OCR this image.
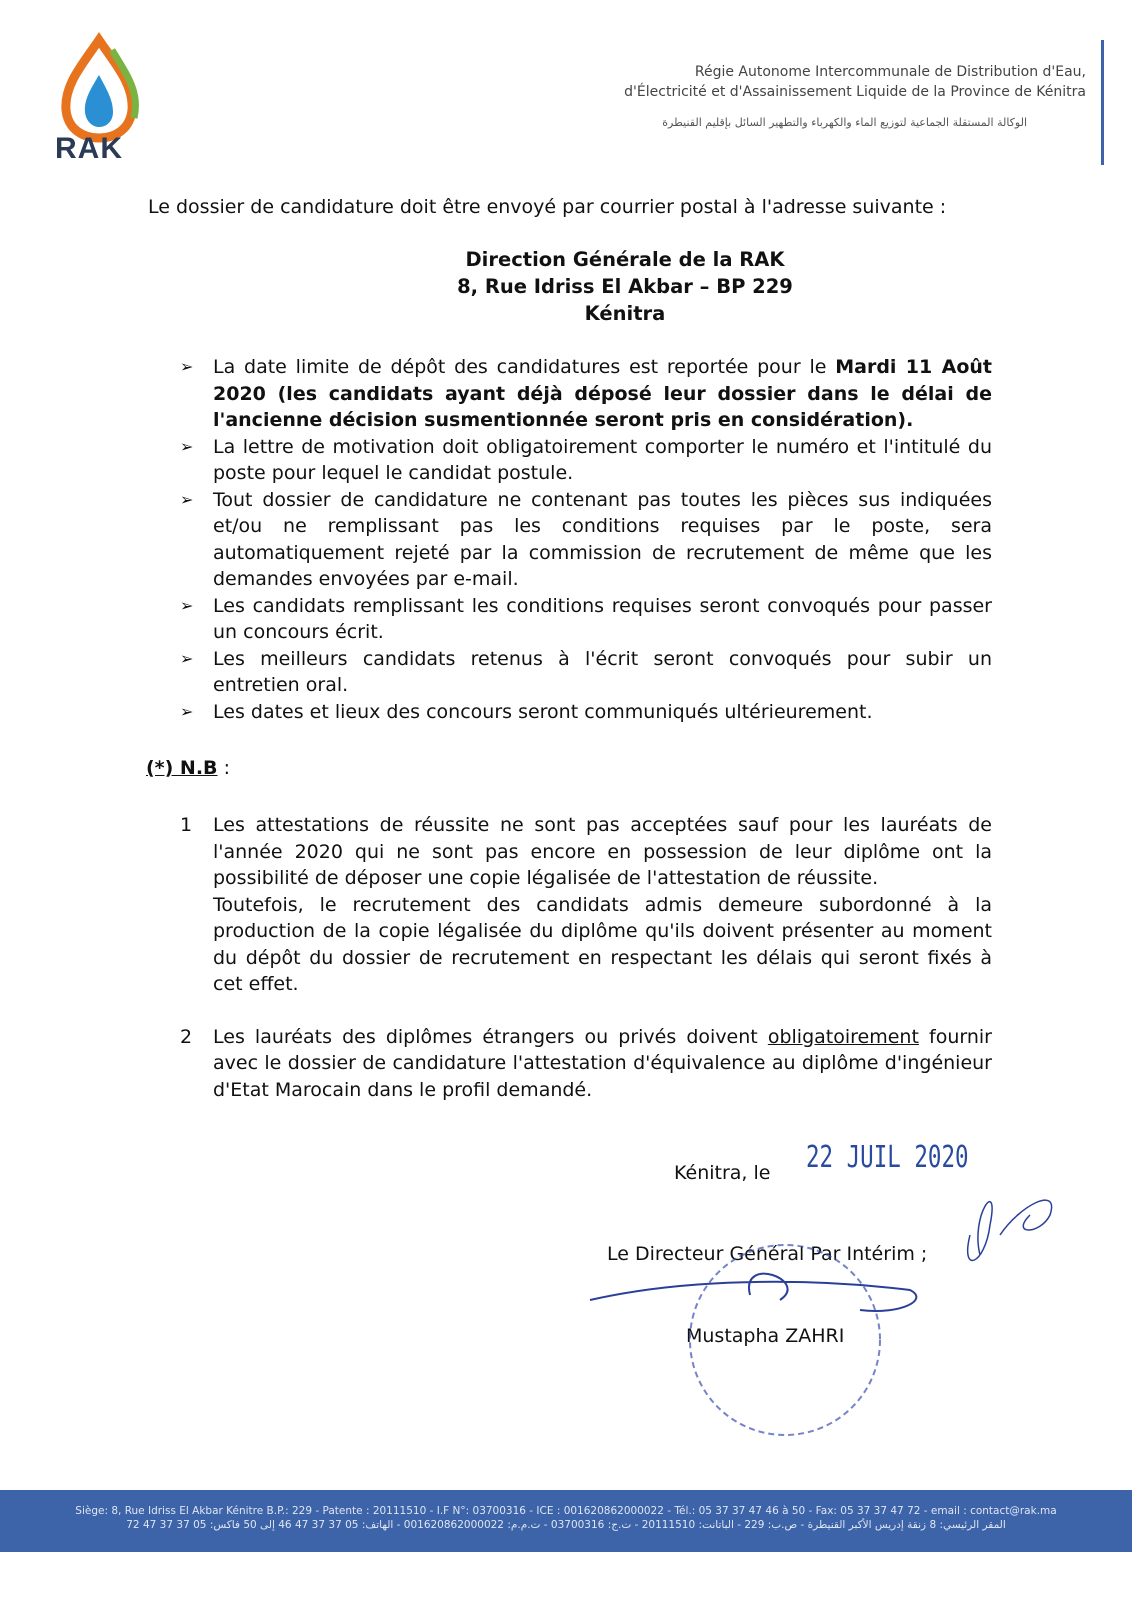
RAK
Régie Autonome Intercommunale de Distribution d'Eau,
d'Électricité et d'Assainissement Liquide de la Province de Kénitra
الوكالة المستقلة الجماعية لتوزيع الماء والكهرباء والتطهير السائل بإقليم القنيطرة
Le dossier de candidature doit être envoyé par courrier postal à l'adresse suivante :
Direction Générale de la RAK
8, Rue Idriss El Akbar – BP 229
Kénitra
➢	La date limite de dépôt des candidatures est reportée pour le Mardi 11 Août 2020 (les candidats ayant déjà déposé leur dossier dans le délai de l'ancienne décision susmentionnée seront pris en considération).
➢	La lettre de motivation doit obligatoirement comporter le numéro et l'intitulé du poste pour lequel le candidat postule.
➢	Tout dossier de candidature ne contenant pas toutes les pièces sus indiquées et/ou ne remplissant pas les conditions requises par le poste, sera automatiquement rejeté par la commission de recrutement de même que les demandes envoyées par e-mail.
➢	Les candidats remplissant les conditions requises seront convoqués pour passer un concours écrit.
➢	Les meilleurs candidats retenus à l'écrit seront convoqués pour subir un entretien oral.
➢	Les dates et lieux des concours seront communiqués ultérieurement.
(*) N.B :
1	Les attestations de réussite ne sont pas acceptées sauf pour les lauréats de l'année 2020 qui ne sont pas encore en possession de leur diplôme ont la possibilité de déposer une copie légalisée de l'attestation de réussite.
Toutefois, le recrutement des candidats admis demeure subordonné à la production de la copie légalisée du diplôme qu'ils doivent présenter au moment du dépôt du dossier de recrutement en respectant les délais qui seront fixés à cet effet.
2	Les lauréats des diplômes étrangers ou privés doivent obligatoirement fournir avec le dossier de candidature l'attestation d'équivalence au diplôme d'ingénieur d'Etat Marocain dans le profil demandé.
Kénitra, le 22 JUIL 2020
Le Directeur Général Par Intérim ;
Mustapha ZAHRI
Siège: 8, Rue Idriss El Akbar Kénitre B.P.: 229 - Patente : 20111510 - I.F N°: 03700316 - ICE : 001620862000022 - Tél.: 05 37 37 47 46 à 50 - Fax: 05 37 37 47 72 - email : contact@rak.ma
المقر الرئيسي: 8 زنقة إدريس الأكبر القنيطرة - ص.ب: 229 - الباتانت: 20111510 - ت.ج: 03700316 - ت.م.م: 001620862000022 - الهاتف: 05 37 37 47 46 إلى 50 فاكس: 05 37 37 47 72
